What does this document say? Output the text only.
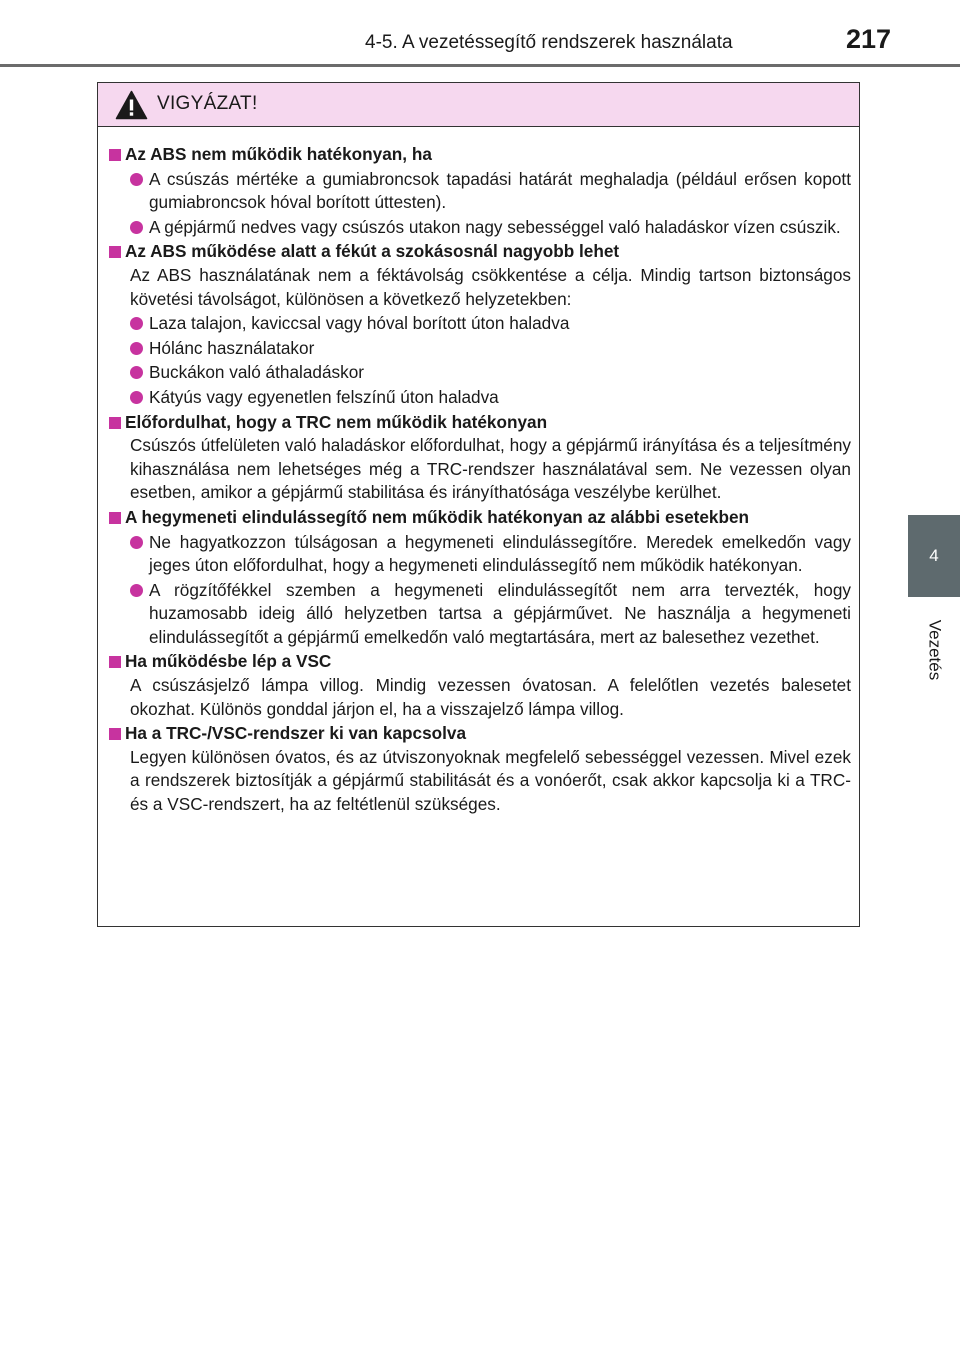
4-5. A vezetéssegítő rendszerek használata	217
4
Vezetés
VIGYÁZAT!
Az ABS nem működik hatékonyan, ha
A csúszás mértéke a gumiabroncsok tapadási határát meghaladja (például erősen kopott gumiabroncsok hóval borított úttesten).
A gépjármű nedves vagy csúszós utakon nagy sebességgel való haladáskor vízen csúszik.
Az ABS működése alatt a fékút a szokásosnál nagyobb lehet
Az ABS használatának nem a féktávolság csökkentése a célja. Mindig tartson biztonságos követési távolságot, különösen a következő helyzetekben:
Laza talajon, kaviccsal vagy hóval borított úton haladva
Hólánc használatakor
Buckákon való áthaladáskor
Kátyús vagy egyenetlen felszínű úton haladva
Előfordulhat, hogy a TRC nem működik hatékonyan
Csúszós útfelületen való haladáskor előfordulhat, hogy a gépjármű irányítása és a teljesítmény kihasználása nem lehetséges még a TRC-rendszer használatával sem. Ne vezessen olyan esetben, amikor a gépjármű stabilitása és irányíthatósága veszélybe kerülhet.
A hegymeneti elindulássegítő nem működik hatékonyan az alábbi esetekben
Ne hagyatkozzon túlságosan a hegymeneti elindulássegítőre. Meredek emelkedőn vagy jeges úton előfordulhat, hogy a hegymeneti elindulássegítő nem működik hatékonyan.
A rögzítőfékkel szemben a hegymeneti elindulássegítőt nem arra tervezték, hogy huzamosabb ideig álló helyzetben tartsa a gépjárművet. Ne használja a hegymeneti elindulássegítőt a gépjármű emelkedőn való megtartására, mert az balesethez vezethet.
Ha működésbe lép a VSC
A csúszásjelző lámpa villog. Mindig vezessen óvatosan. A felelőtlen vezetés balesetet okozhat. Különös gonddal járjon el, ha a visszajelző lámpa villog.
Ha a TRC-/VSC-rendszer ki van kapcsolva
Legyen különösen óvatos, és az útviszonyoknak megfelelő sebességgel vezessen. Mivel ezek a rendszerek biztosítják a gépjármű stabilitását és a vonóerőt, csak akkor kapcsolja ki a TRC- és a VSC-rendszert, ha az feltétlenül szükséges.
